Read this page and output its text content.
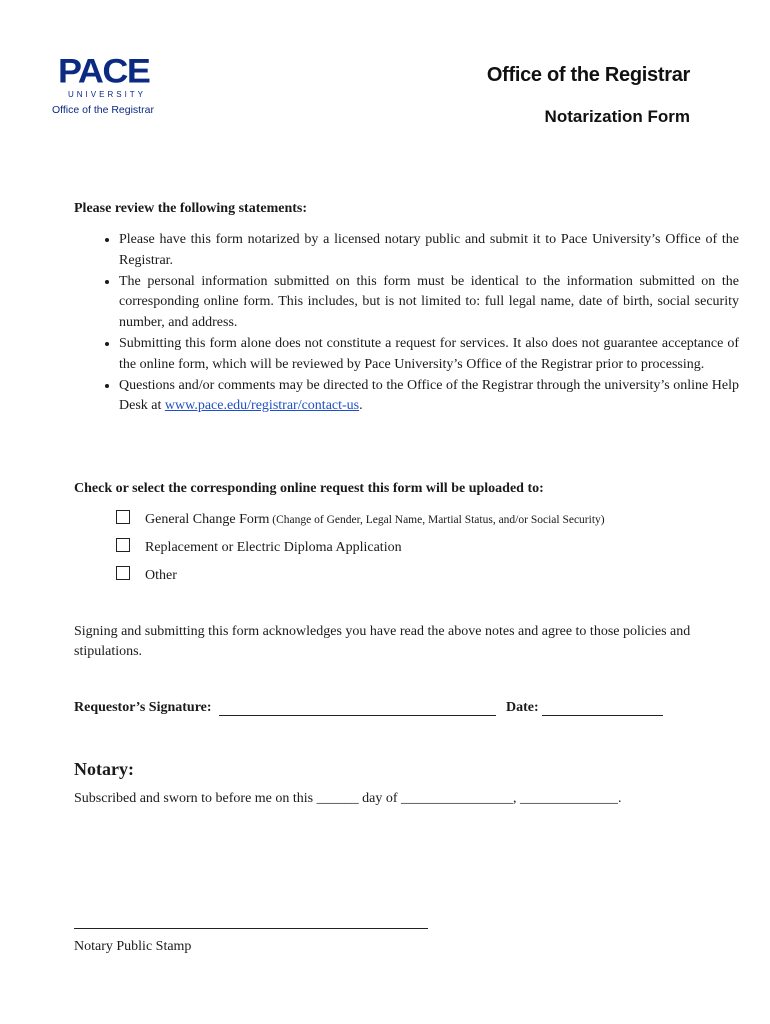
PACE
UNIVERSITY
Office of the Registrar
Office of the Registrar
Notarization Form
Please review the following statements:
• Please have this form notarized by a licensed notary public and submit it to Pace University’s Office of the Registrar.
• The personal information submitted on this form must be identical to the information submitted on the corresponding online form. This includes, but is not limited to: full legal name, date of birth, social security number, and address.
• Submitting this form alone does not constitute a request for services. It also does not guarantee acceptance of the online form, which will be reviewed by Pace University’s Office of the Registrar prior to processing.
• Questions and/or comments may be directed to the Office of the Registrar through the university’s online Help Desk at www.pace.edu/registrar/contact-us.
Check or select the corresponding online request this form will be uploaded to:
General Change Form (Change of Gender, Legal Name, Martial Status, and/or Social Security)
Replacement or Electric Diploma Application
Other
Signing and submitting this form acknowledges you have read the above notes and agree to those policies and stipulations.
Requestor’s Signature:	Date:
Notary:
Subscribed and sworn to before me on this ______ day of ________________, ______________.
Notary Public Stamp
